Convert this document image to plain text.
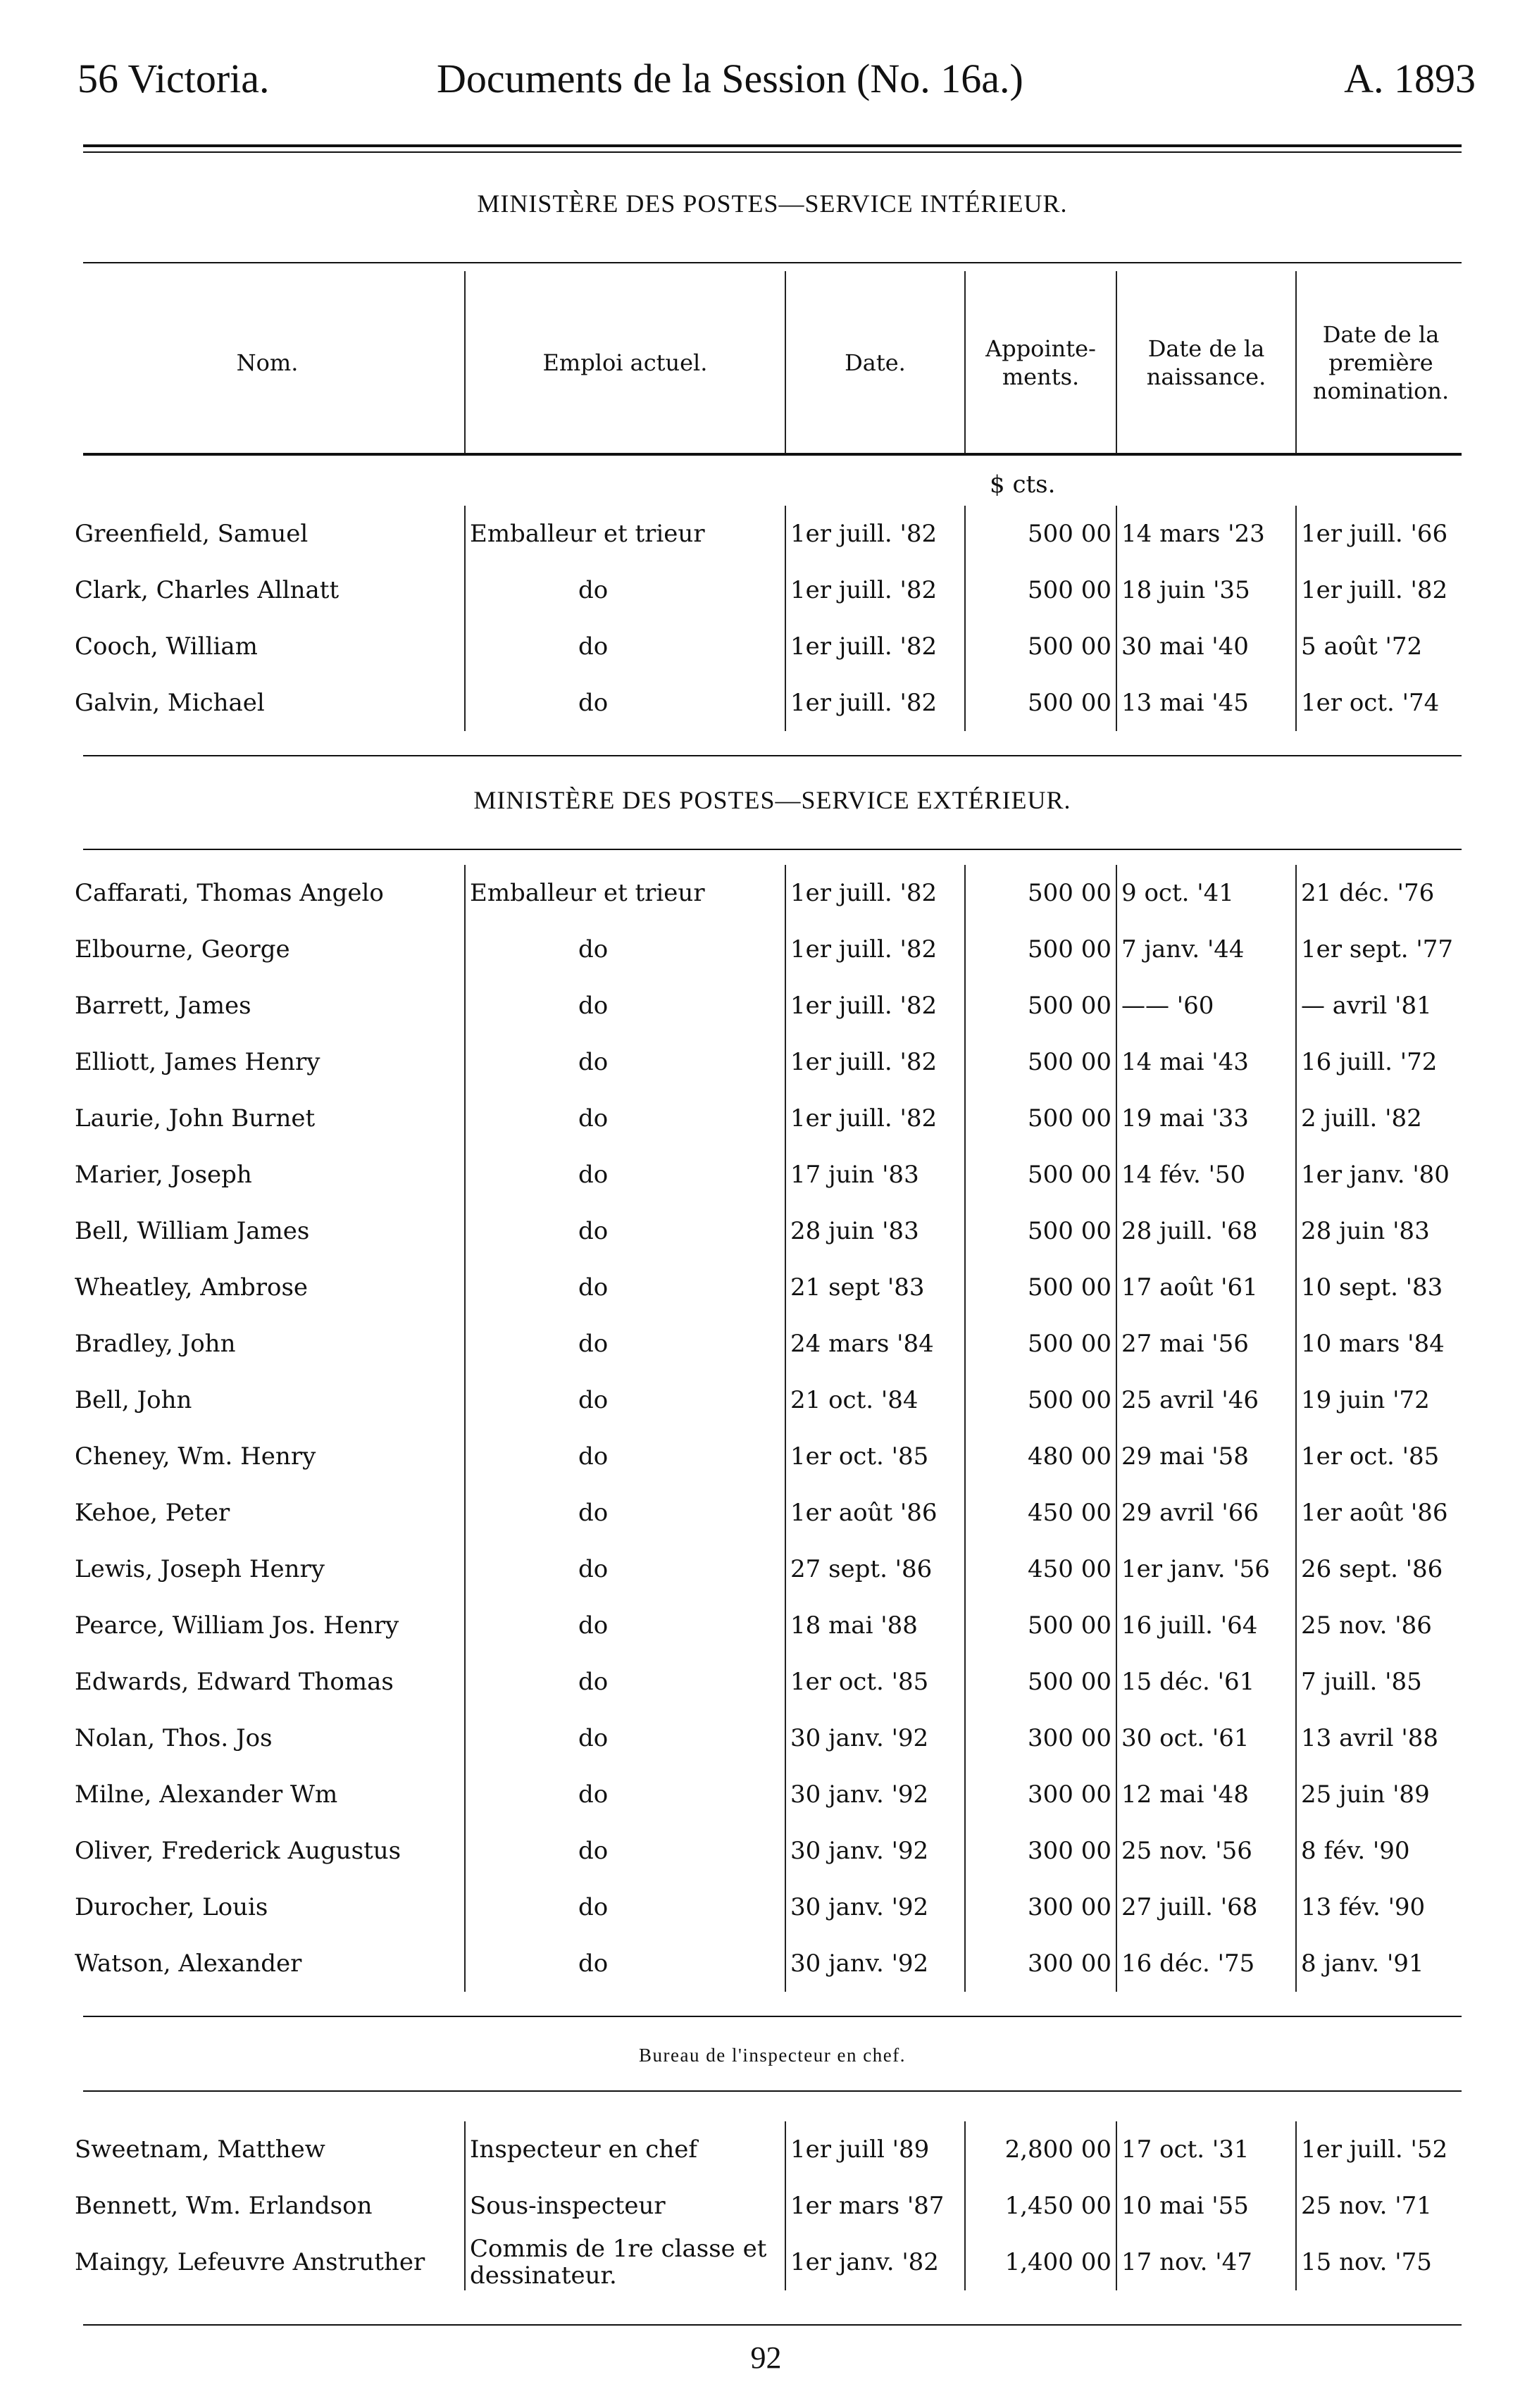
56 Victoria.	Documents de la Session (No. 16a.)	A. 1893
MINISTÈRE DES POSTES—SERVICE INTÉRIEUR.
Nom.	Emploi actuel.	Date.	Appointe-ments.	Date de la naissance.	Date de la première nomination.
$ cts.
Greenfield, Samuel	Emballeur et trieur	1er juill. '82	500 00	14 mars '23	1er juill. '66
Clark, Charles Allnatt	do	1er juill. '82	500 00	18 juin '35	1er juill. '82
Cooch, William	do	1er juill. '82	500 00	30 mai '40	5 août '72
Galvin, Michael	do	1er juill. '82	500 00	13 mai '45	1er oct. '74
MINISTÈRE DES POSTES—SERVICE EXTÉRIEUR.
Caffarati, Thomas Angelo	Emballeur et trieur	1er juill. '82	500 00	9 oct. '41	21 déc. '76
Elbourne, George	do	1er juill. '82	500 00	7 janv. '44	1er sept. '77
Barrett, James	do	1er juill. '82	500 00	—— '60	— avril '81
Elliott, James Henry	do	1er juill. '82	500 00	14 mai '43	16 juill. '72
Laurie, John Burnet	do	1er juill. '82	500 00	19 mai '33	2 juill. '82
Marier, Joseph	do	17 juin '83	500 00	14 fév. '50	1er janv. '80
Bell, William James	do	28 juin '83	500 00	28 juill. '68	28 juin '83
Wheatley, Ambrose	do	21 sept '83	500 00	17 août '61	10 sept. '83
Bradley, John	do	24 mars '84	500 00	27 mai '56	10 mars '84
Bell, John	do	21 oct. '84	500 00	25 avril '46	19 juin '72
Cheney, Wm. Henry	do	1er oct. '85	480 00	29 mai '58	1er oct. '85
Kehoe, Peter	do	1er août '86	450 00	29 avril '66	1er août '86
Lewis, Joseph Henry	do	27 sept. '86	450 00	1er janv. '56	26 sept. '86
Pearce, William Jos. Henry	do	18 mai '88	500 00	16 juill. '64	25 nov. '86
Edwards, Edward Thomas	do	1er oct. '85	500 00	15 déc. '61	7 juill. '85
Nolan, Thos. Jos	do	30 janv. '92	300 00	30 oct. '61	13 avril '88
Milne, Alexander Wm	do	30 janv. '92	300 00	12 mai '48	25 juin '89
Oliver, Frederick Augustus	do	30 janv. '92	300 00	25 nov. '56	8 fév. '90
Durocher, Louis	do	30 janv. '92	300 00	27 juill. '68	13 fév. '90
Watson, Alexander	do	30 janv. '92	300 00	16 déc. '75	8 janv. '91
Bureau de l'inspecteur en chef.
Sweetnam, Matthew	Inspecteur en chef	1er juill '89	2,800 00	17 oct. '31	1er juill. '52
Bennett, Wm. Erlandson	Sous-inspecteur	1er mars '87	1,450 00	10 mai '55	25 nov. '71
Maingy, Lefeuvre Anstruther	Commis de 1re classe et dessinateur.	1er janv. '82	1,400 00	17 nov. '47	15 nov. '75
92
